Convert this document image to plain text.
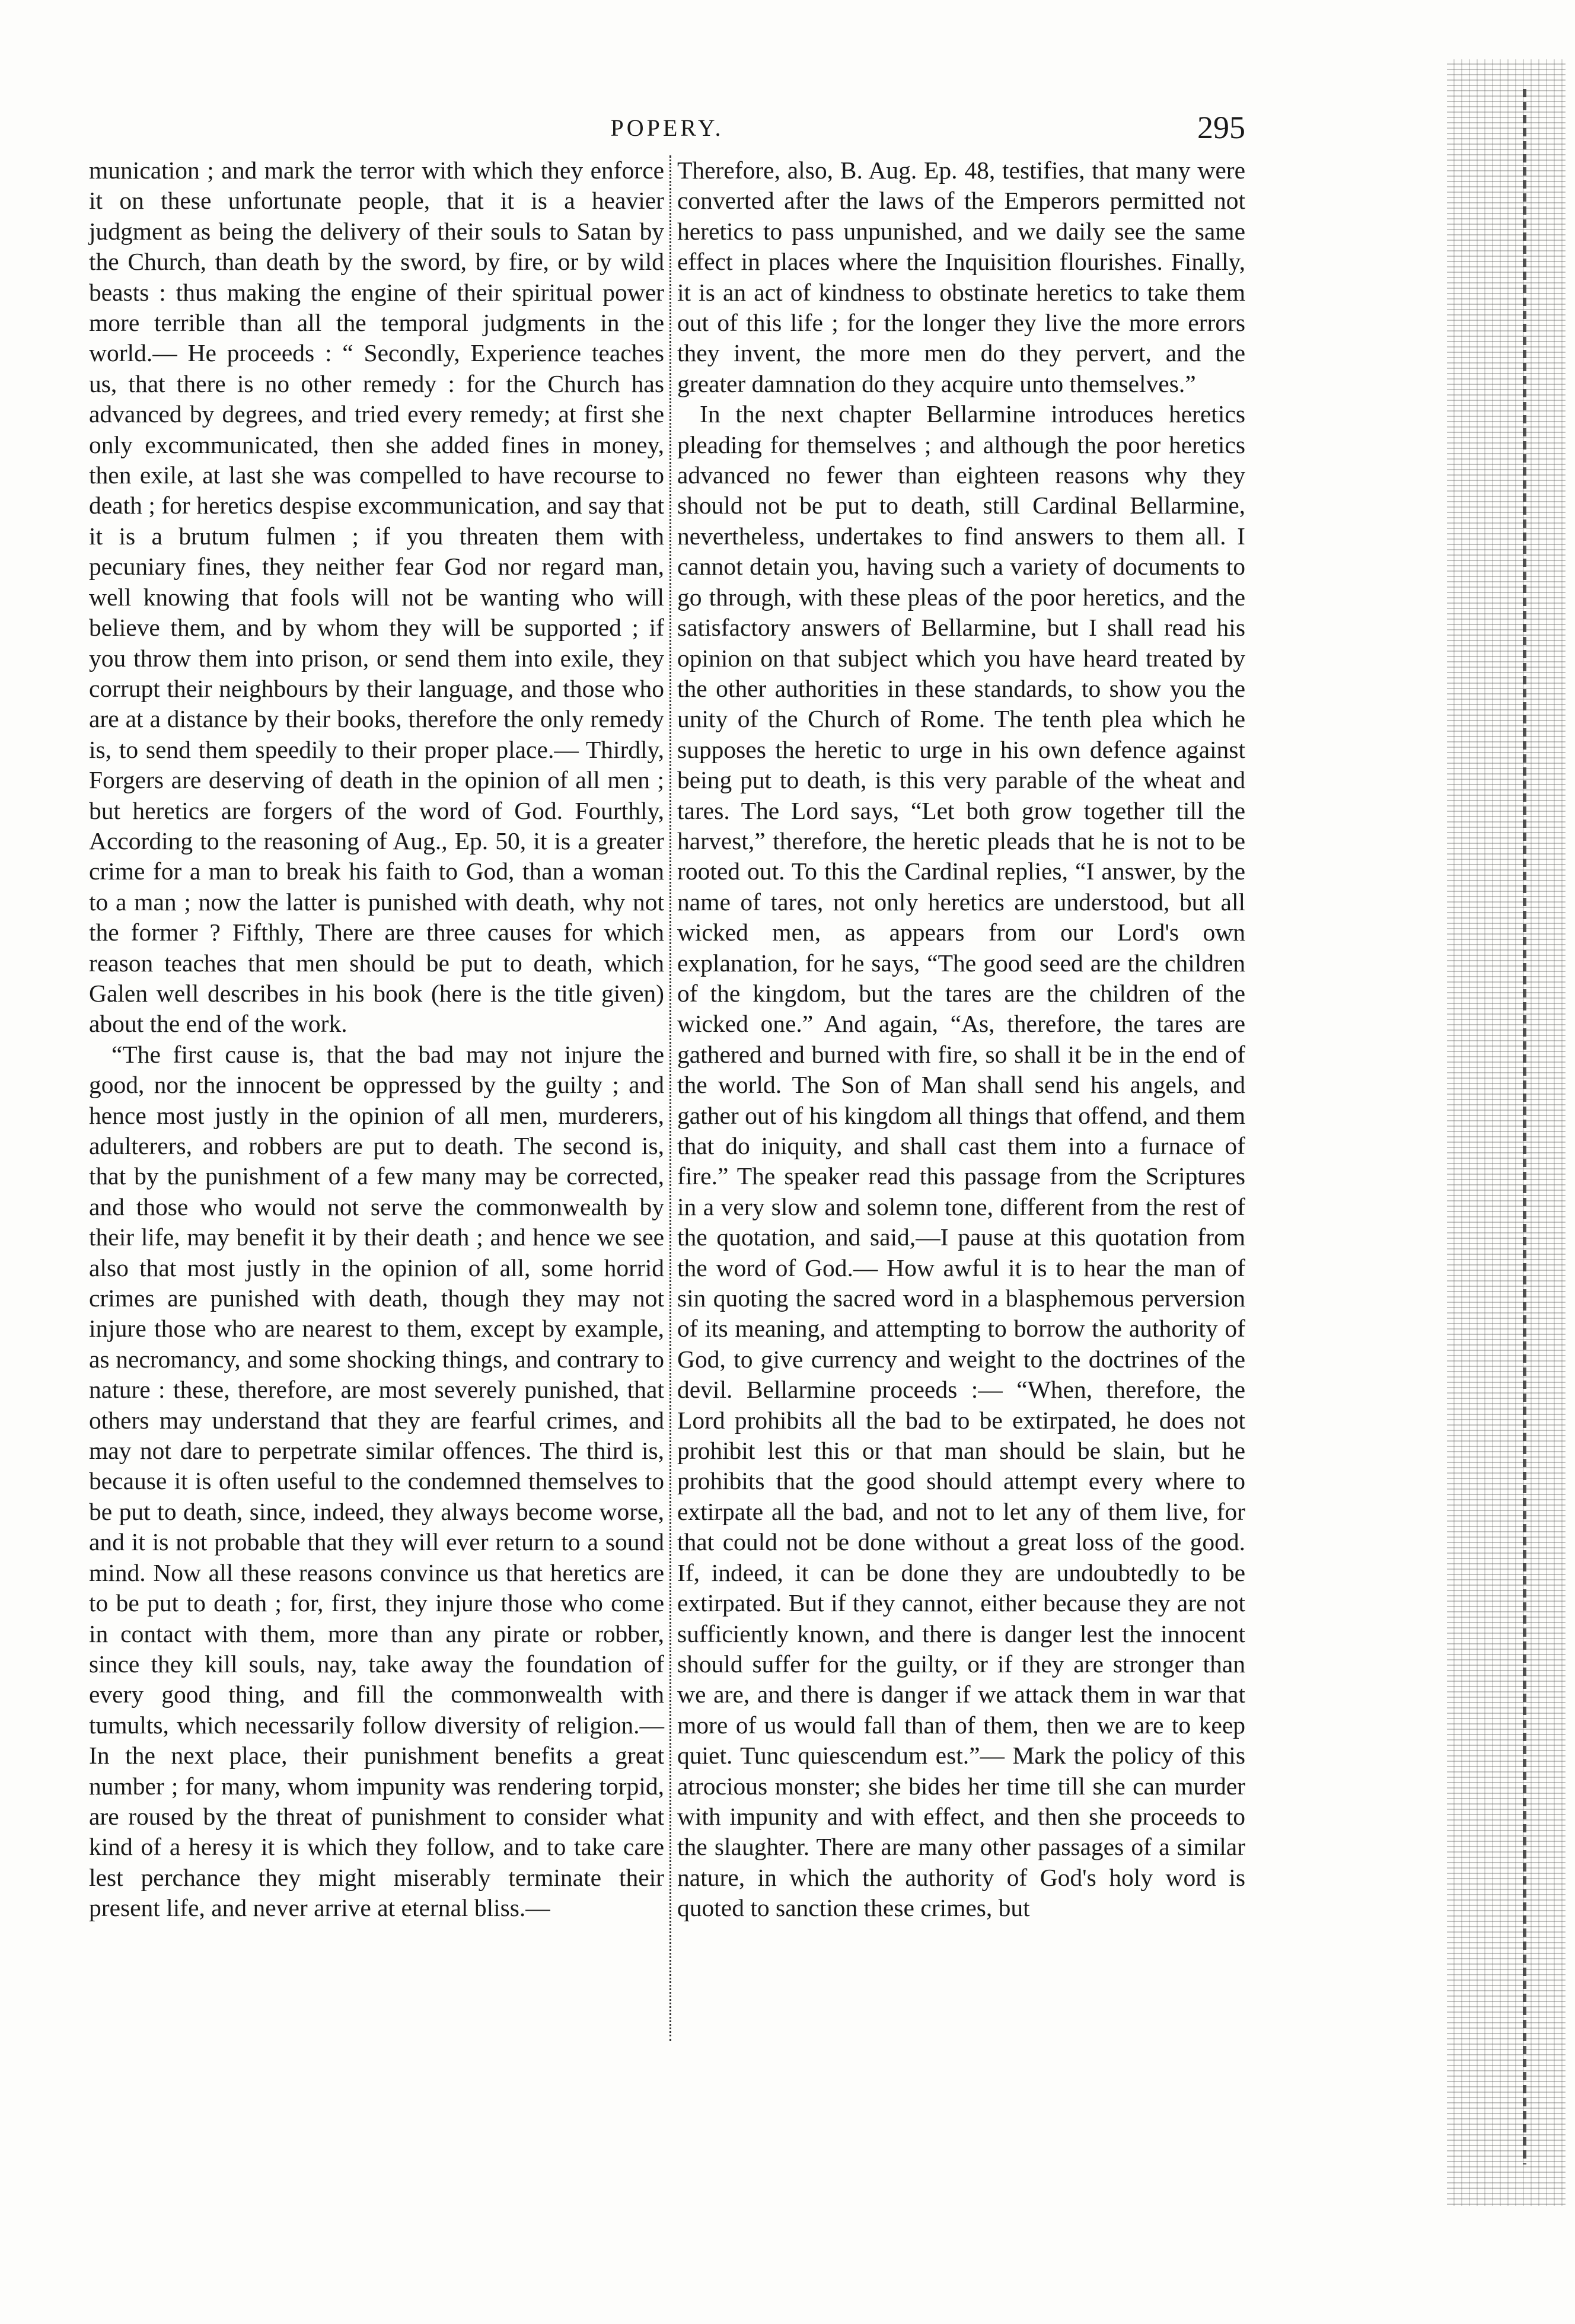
POPERY.	295

munication ; and mark the terror with which they enforce it on these unfortunate people, that it is a heavier judgment as being the delivery of their souls to Satan by the Church, than death by the sword, by fire, or by wild beasts : thus making the engine of their spiritual power more terrible than all the temporal judgments in the world.— He proceeds : “ Secondly, Experience teaches us, that there is no other remedy : for the Church has advanced by degrees, and tried every remedy; at first she only excommunicated, then she added fines in money, then exile, at last she was compelled to have recourse to death ; for heretics despise excommunication, and say that it is a brutum fulmen ; if you threaten them with pecuniary fines, they neither fear God nor regard man, well knowing that fools will not be wanting who will believe them, and by whom they will be supported ; if you throw them into prison, or send them into exile, they corrupt their neighbours by their language, and those who are at a distance by their books, therefore the only remedy is, to send them speedily to their proper place.— Thirdly, Forgers are deserving of death in the opinion of all men ; but heretics are forgers of the word of God. Fourthly, According to the reasoning of Aug., Ep. 50, it is a greater crime for a man to break his faith to God, than a woman to a man ; now the latter is punished with death, why not the former ? Fifthly, There are three causes for which reason teaches that men should be put to death, which Galen well describes in his book (here is the title given) about the end of the work.

“The first cause is, that the bad may not injure the good, nor the innocent be oppressed by the guilty ; and hence most justly in the opinion of all men, murderers, adulterers, and robbers are put to death. The second is, that by the punishment of a few many may be corrected, and those who would not serve the commonwealth by their life, may benefit it by their death ; and hence we see also that most justly in the opinion of all, some horrid crimes are punished with death, though they may not injure those who are nearest to them, except by example, as necromancy, and some shocking things, and contrary to nature : these, therefore, are most severely punished, that others may understand that they are fearful crimes, and may not dare to perpetrate similar offences. The third is, because it is often useful to the condemned themselves to be put to death, since, indeed, they always become worse, and it is not probable that they will ever return to a sound mind. Now all these reasons convince us that heretics are to be put to death ; for, first, they injure those who come in contact with them, more than any pirate or robber, since they kill souls, nay, take away the foundation of every good thing, and fill the commonwealth with tumults, which necessarily follow diversity of religion.— In the next place, their punishment benefits a great number ; for many, whom impunity was rendering torpid, are roused by the threat of punishment to consider what kind of a heresy it is which they follow, and to take care lest perchance they might miserably terminate their present life, and never arrive at eternal bliss.—

Therefore, also, B. Aug. Ep. 48, testifies, that many were converted after the laws of the Emperors permitted not heretics to pass unpunished, and we daily see the same effect in places where the Inquisition flourishes. Finally, it is an act of kindness to obstinate heretics to take them out of this life ; for the longer they live the more errors they invent, the more men do they pervert, and the greater damnation do they acquire unto themselves.”

In the next chapter Bellarmine introduces heretics pleading for themselves ; and although the poor heretics advanced no fewer than eighteen reasons why they should not be put to death, still Cardinal Bellarmine, nevertheless, undertakes to find answers to them all. I cannot detain you, having such a variety of documents to go through, with these pleas of the poor heretics, and the satisfactory answers of Bellarmine, but I shall read his opinion on that subject which you have heard treated by the other authorities in these standards, to show you the unity of the Church of Rome. The tenth plea which he supposes the heretic to urge in his own defence against being put to death, is this very parable of the wheat and tares. The Lord says, “Let both grow together till the harvest,” therefore, the heretic pleads that he is not to be rooted out. To this the Cardinal replies, “I answer, by the name of tares, not only heretics are understood, but all wicked men, as appears from our Lord's own explanation, for he says, “The good seed are the children of the kingdom, but the tares are the children of the wicked one.” And again, “As, therefore, the tares are gathered and burned with fire, so shall it be in the end of the world. The Son of Man shall send his angels, and gather out of his kingdom all things that offend, and them that do iniquity, and shall cast them into a furnace of fire.” The speaker read this passage from the Scriptures in a very slow and solemn tone, different from the rest of the quotation, and said,—I pause at this quotation from the word of God.— How awful it is to hear the man of sin quoting the sacred word in a blasphemous perversion of its meaning, and attempting to borrow the authority of God, to give currency and weight to the doctrines of the devil. Bellarmine proceeds :— “When, therefore, the Lord prohibits all the bad to be extirpated, he does not prohibit lest this or that man should be slain, but he prohibits that the good should attempt every where to extirpate all the bad, and not to let any of them live, for that could not be done without a great loss of the good. If, indeed, it can be done they are undoubtedly to be extirpated. But if they cannot, either because they are not sufficiently known, and there is danger lest the innocent should suffer for the guilty, or if they are stronger than we are, and there is danger if we attack them in war that more of us would fall than of them, then we are to keep quiet. Tunc quiescendum est.”— Mark the policy of this atrocious monster; she bides her time till she can murder with impunity and with effect, and then she proceeds to the slaughter. There are many other passages of a similar nature, in which the authority of God's holy word is quoted to sanction these crimes, but
